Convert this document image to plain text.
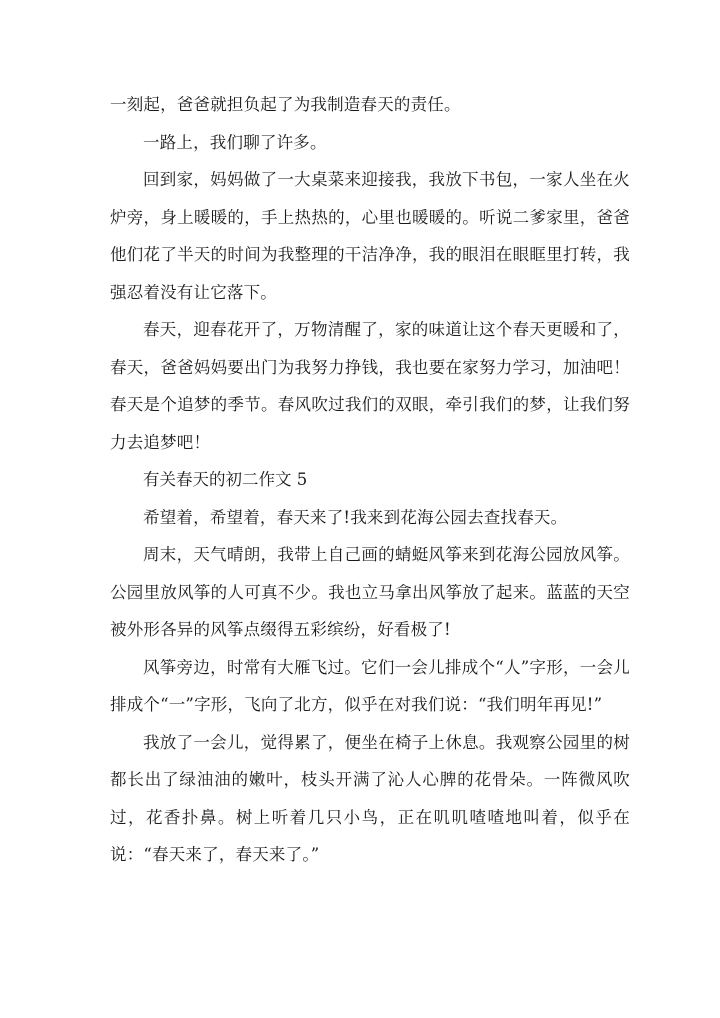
一刻起，爸爸就担负起了为我制造春天的责任。

一路上，我们聊了许多。

回到家，妈妈做了一大桌菜来迎接我，我放下书包，一家人坐在火炉旁，身上暖暖的，手上热热的，心里也暖暖的。听说二爹家里，爸爸他们花了半天的时间为我整理的干洁净净，我的眼泪在眼眶里打转，我强忍着没有让它落下。

春天，迎春花开了，万物清醒了，家的味道让这个春天更暖和了，春天，爸爸妈妈要出门为我努力挣钱，我也要在家努力学习，加油吧！春天是个追梦的季节。春风吹过我们的双眼，牵引我们的梦，让我们努力去追梦吧！

有关春天的初二作文 5

希望着，希望着，春天来了!我来到花海公园去查找春天。

周末，天气晴朗，我带上自己画的蜻蜓风筝来到花海公园放风筝。公园里放风筝的人可真不少。我也立马拿出风筝放了起来。蓝蓝的天空被外形各异的风筝点缀得五彩缤纷，好看极了!

风筝旁边，时常有大雁飞过。它们一会儿排成个“人”字形，一会儿排成个“一”字形，飞向了北方，似乎在对我们说：“我们明年再见!”

我放了一会儿，觉得累了，便坐在椅子上休息。我观察公园里的树都长出了绿油油的嫩叶，枝头开满了沁人心脾的花骨朵。一阵微风吹过，花香扑鼻。树上听着几只小鸟，正在叽叽喳喳地叫着，似乎在说：“春天来了，春天来了。”
